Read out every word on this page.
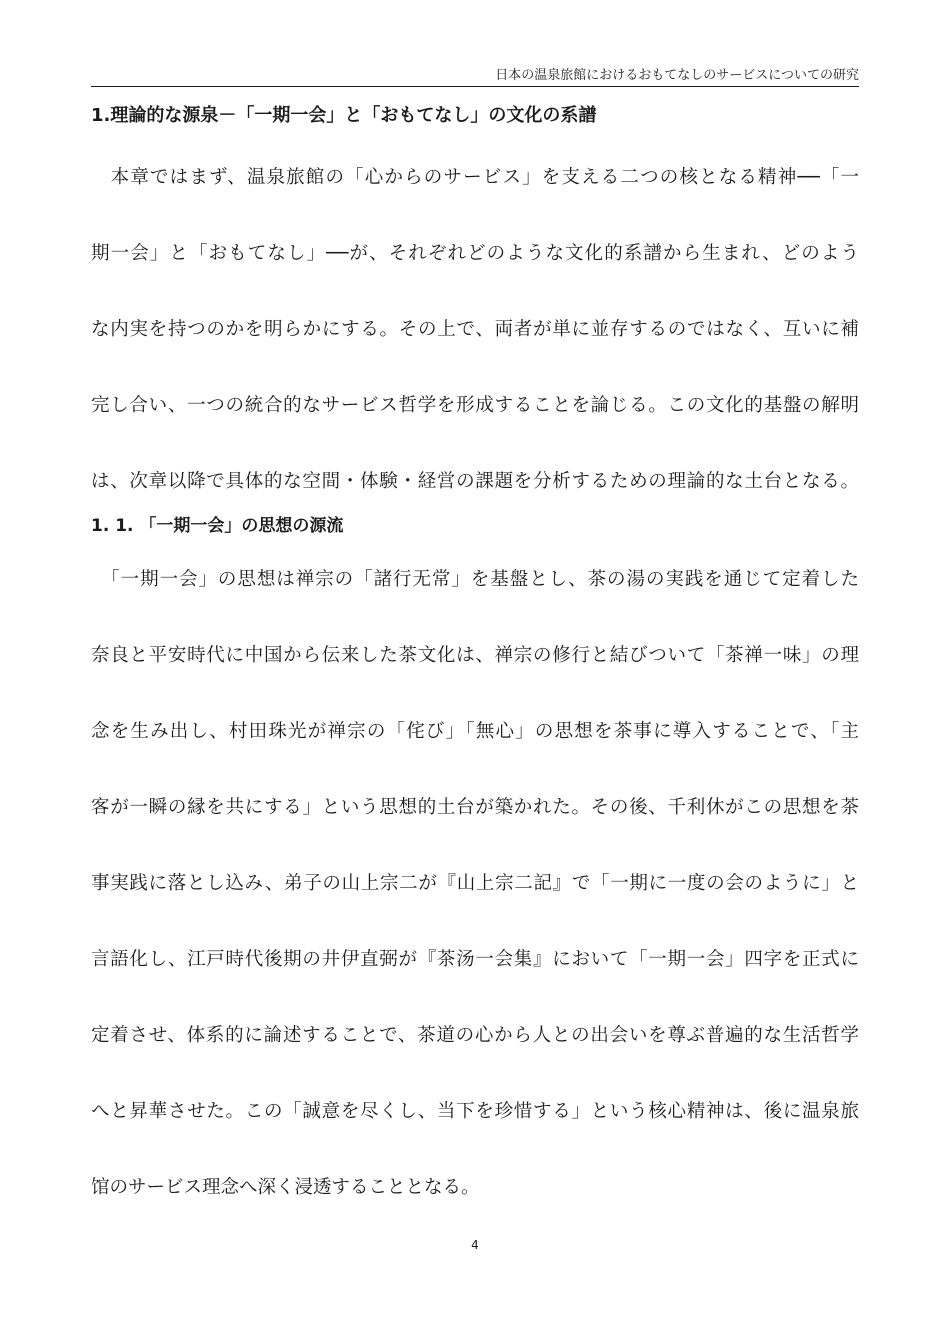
日本の温泉旅館におけるおもてなしのサービスについての研究
1.理論的な源泉－「一期一会」と「おもてなし」の文化の系譜
　本章ではまず、温泉旅館の「心からのサービス」を支える二つの核となる精神──「一
期一会」と「おもてなし」──が、それぞれどのような文化的系譜から生まれ、どのよう
な内実を持つのかを明らかにする。その上で、両者が単に並存するのではなく、互いに補
完し合い、一つの統合的なサービス哲学を形成することを論じる。この文化的基盤の解明
は、次章以降で具体的な空間・体験・経営の課題を分析するための理論的な土台となる。
1. 1. 「一期一会」の思想の源流
　「一期一会」の思想は禅宗の「諸行无常」を基盤とし、茶の湯の実践を通じて定着した
奈良と平安時代に中国から伝来した茶文化は、禅宗の修行と結びついて「茶禅一味」の理
念を生み出し、村田珠光が禅宗の「侘び」「無心」の思想を茶事に導入することで、「主
客が一瞬の縁を共にする」という思想的土台が築かれた。その後、千利休がこの思想を茶
事実践に落とし込み、弟子の山上宗二が『山上宗二記』で「一期に一度の会のように」と
言語化し、江戸時代後期の井伊直弼が『茶汤一会集』において「一期一会」四字を正式に
定着させ、体系的に論述することで、茶道の心から人との出会いを尊ぶ普遍的な生活哲学
へと昇華させた。この「誠意を尽くし、当下を珍惜する」という核心精神は、後に温泉旅
馆のサービス理念へ深く浸透することとなる。
4
